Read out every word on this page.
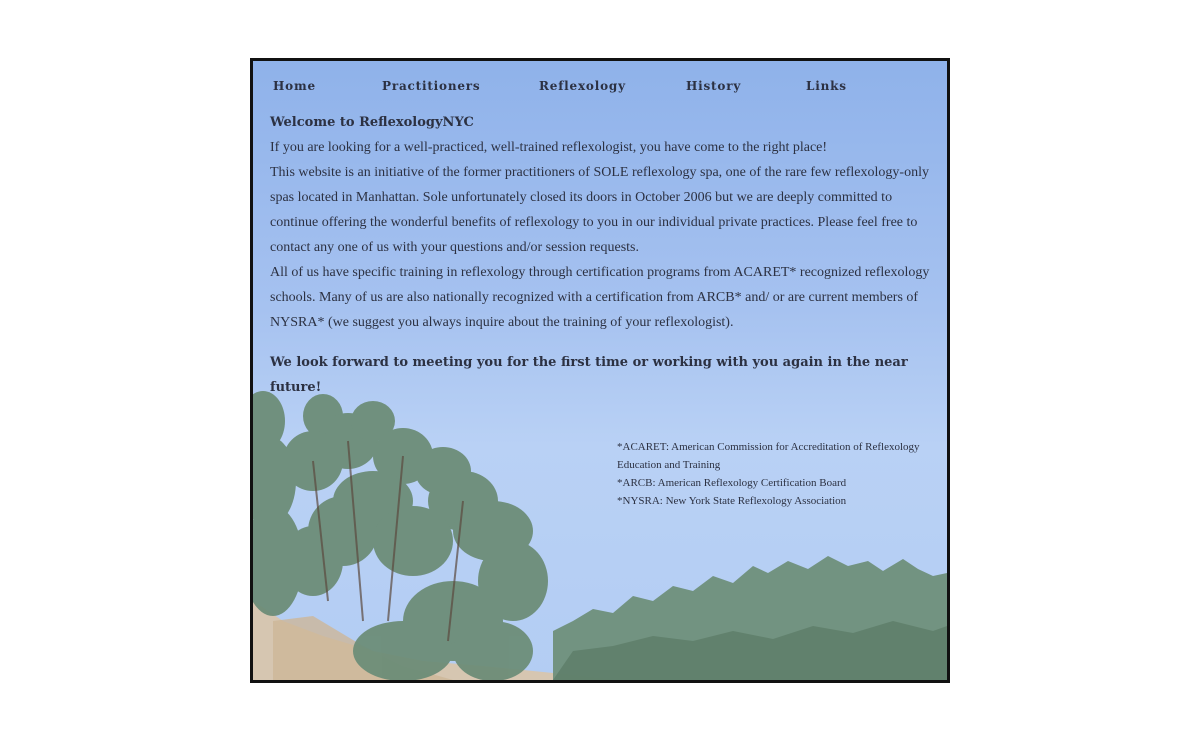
Home	Practitioners	Reflexology	History	Links

Welcome to ReflexologyNYC

If you are looking for a well-practiced, well-trained reflexologist, you have come to the right place!

This website is an initiative of the former practitioners of SOLE reflexology spa, one of the rare few reflexology-only spas located in Manhattan. Sole unfortunately closed its doors in October 2006 but we are deeply committed to continue offering the wonderful benefits of reflexology to you in our individual private practices. Please feel free to contact any one of us with your questions and/or session requests.

All of us have specific training in reflexology through certification programs from ACARET* recognized reflexology schools. Many of us are also nationally recognized with a certification from ARCB* and/ or are current members of NYSRA* (we suggest you always inquire about the training of your reflexologist).

We look forward to meeting you for the first time or working with you again in the near future!

*ACARET: American Commission for Accreditation of Reflexology Education and Training

*ARCB: American Reflexology Certification Board

*NYSRA: New York State Reflexology Association
